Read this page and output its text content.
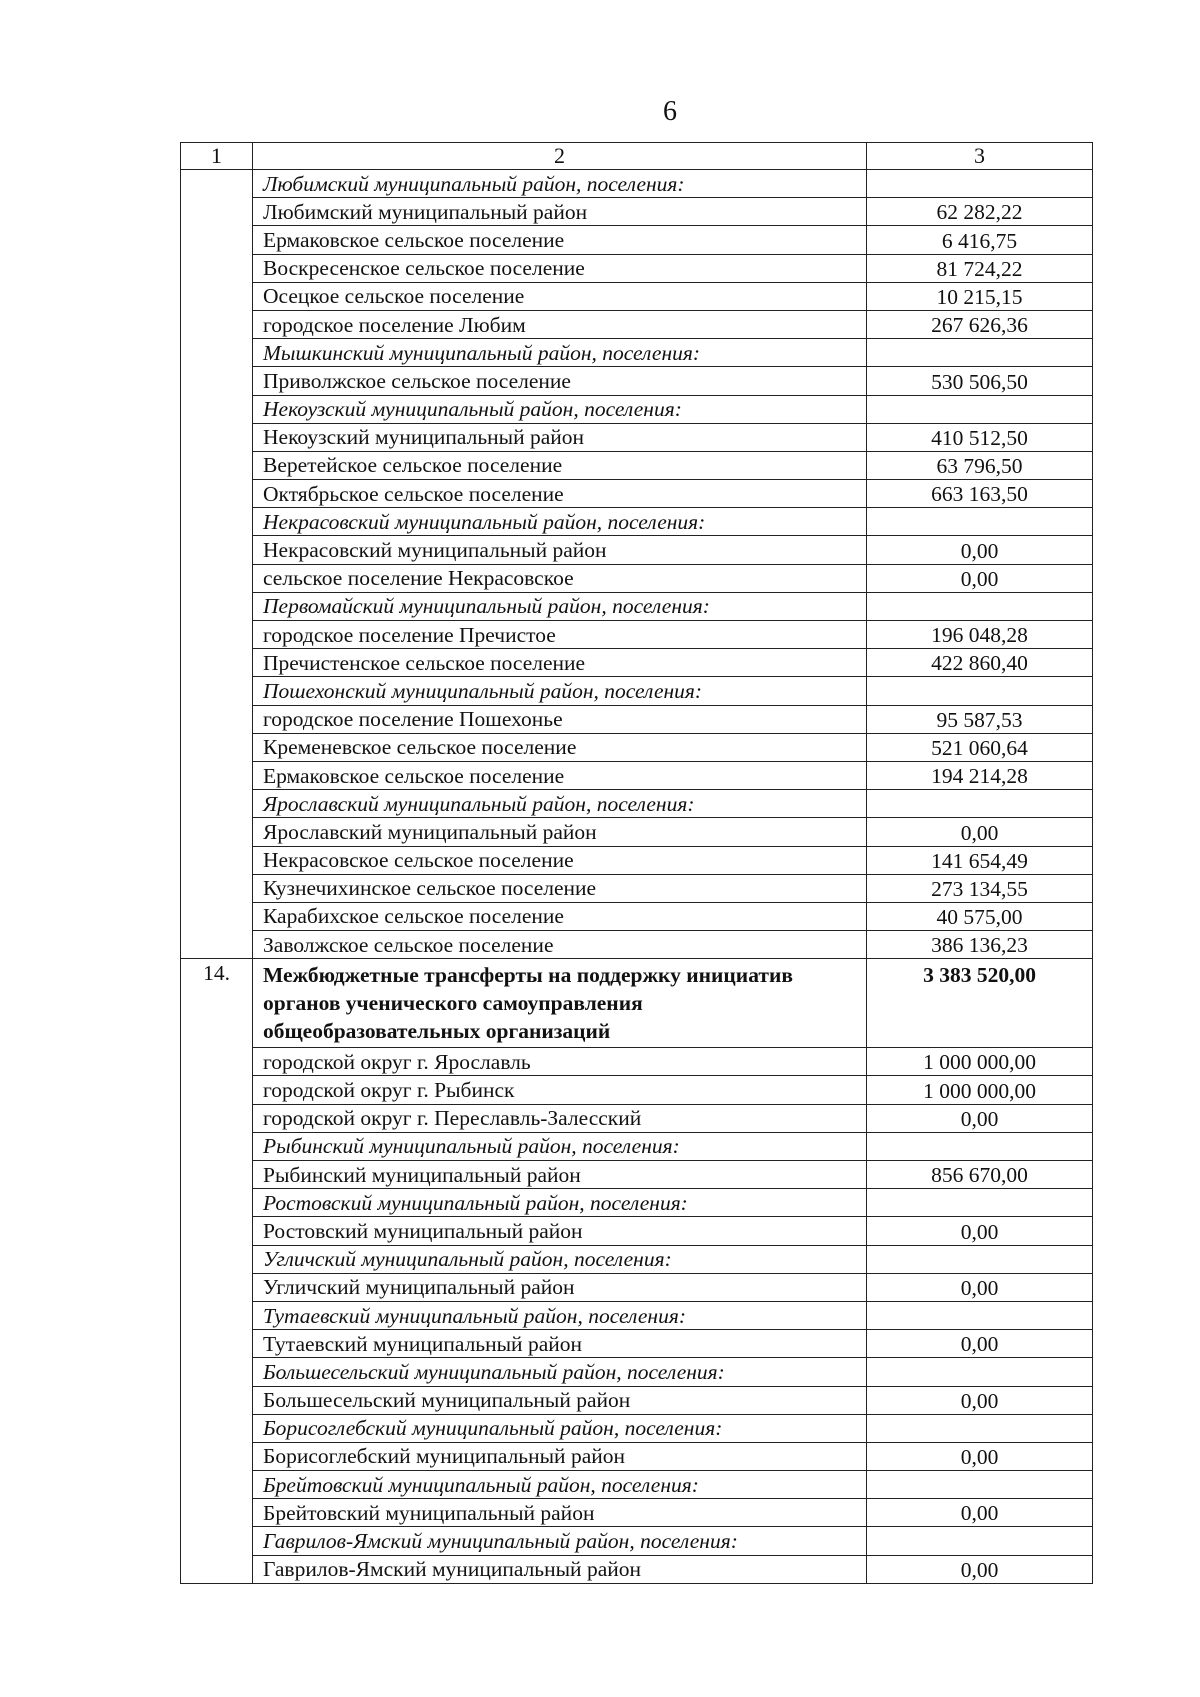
6
1	2	3
	Любимский муниципальный район, поселения:	
	Любимский муниципальный район	62 282,22
	Ермаковское сельское поселение	6 416,75
	Воскресенское сельское поселение	81 724,22
	Осецкое сельское поселение	10 215,15
	городское поселение Любим	267 626,36
	Мышкинский муниципальный район, поселения:	
	Приволжское сельское поселение	530 506,50
	Некоузский муниципальный район, поселения:	
	Некоузский муниципальный район	410 512,50
	Веретейское сельское поселение	63 796,50
	Октябрьское сельское поселение	663 163,50
	Некрасовский муниципальный район, поселения:	
	Некрасовский муниципальный район	0,00
	сельское поселение Некрасовское	0,00
	Первомайский муниципальный район, поселения:	
	городское поселение Пречистое	196 048,28
	Пречистенское сельское поселение	422 860,40
	Пошехонский муниципальный район, поселения:	
	городское поселение Пошехонье	95 587,53
	Кременевское сельское поселение	521 060,64
	Ермаковское сельское поселение	194 214,28
	Ярославский муниципальный район, поселения:	
	Ярославский муниципальный район	0,00
	Некрасовское сельское поселение	141 654,49
	Кузнечихинское сельское поселение	273 134,55
	Карабихское сельское поселение	40 575,00
	Заволжское сельское поселение	386 136,23
14.	Межбюджетные трансферты на поддержку инициатив органов ученического самоуправления общеобразовательных организаций	3 383 520,00
	городской округ г. Ярославль	1 000 000,00
	городской округ г. Рыбинск	1 000 000,00
	городской округ г. Переславль-Залесский	0,00
	Рыбинский муниципальный район, поселения:	
	Рыбинский муниципальный район	856 670,00
	Ростовский муниципальный район, поселения:	
	Ростовский муниципальный район	0,00
	Угличский муниципальный район, поселения:	
	Угличский муниципальный район	0,00
	Тутаевский муниципальный район, поселения:	
	Тутаевский муниципальный район	0,00
	Большесельский муниципальный район, поселения:	
	Большесельский муниципальный район	0,00
	Борисоглебский муниципальный район, поселения:	
	Борисоглебский муниципальный район	0,00
	Брейтовский муниципальный район, поселения:	
	Брейтовский муниципальный район	0,00
	Гаврилов-Ямский муниципальный район, поселения:	
	Гаврилов-Ямский муниципальный район	0,00
